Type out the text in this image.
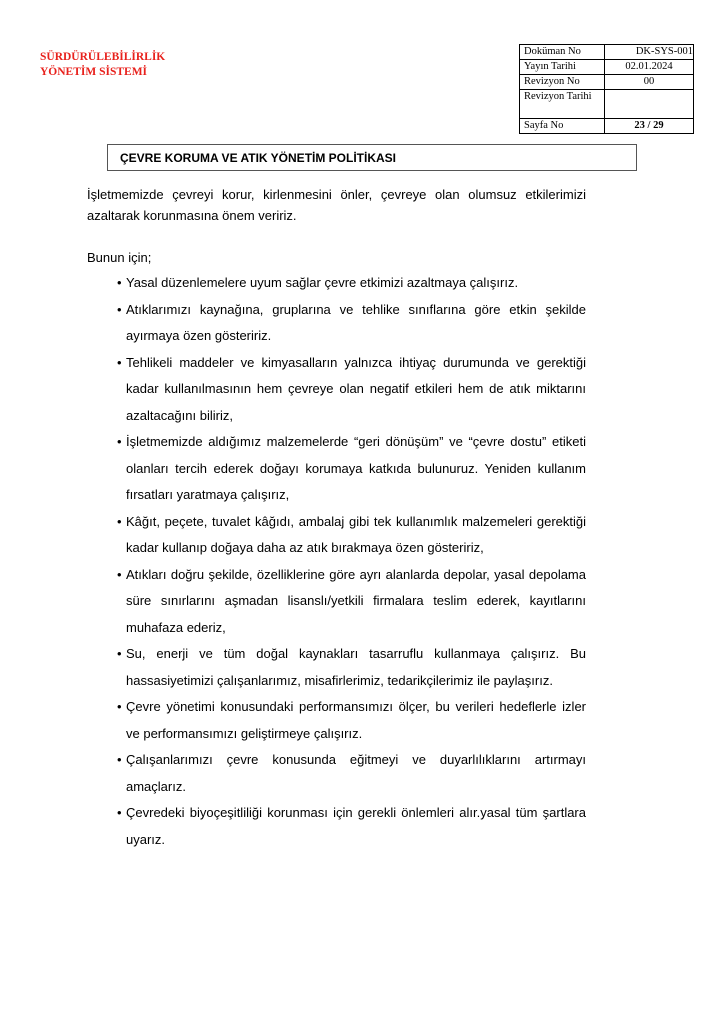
SÜRDÜRÜLEBİLİRLİK
YÖNETİM SİSTEMİ
Doküman No	DK-SYS-001
Yayın Tarihi	02.01.2024
Revizyon No	00
Revizyon Tarihi	
Sayfa No	23 / 29
ÇEVRE KORUMA VE ATIK YÖNETİM POLİTİKASI

İşletmemizde çevreyi korur, kirlenmesini önler, çevreye olan olumsuz etkilerimizi azaltarak korunmasına önem veririz.

Bunun için;

• Yasal düzenlemelere uyum sağlar çevre etkimizi azaltmaya çalışırız.
• Atıklarımızı kaynağına, gruplarına ve tehlike sınıflarına göre etkin şekilde ayırmaya özen gösteririz.
• Tehlikeli maddeler ve kimyasalların yalnızca ihtiyaç durumunda ve gerektiği kadar kullanılmasının hem çevreye olan negatif etkileri hem de atık miktarını azaltacağını biliriz,
• İşletmemizde aldığımız malzemelerde “geri dönüşüm” ve “çevre dostu” etiketi olanları tercih ederek doğayı korumaya katkıda bulunuruz. Yeniden kullanım fırsatları yaratmaya çalışırız,
• Kâğıt, peçete, tuvalet kâğıdı, ambalaj gibi tek kullanımlık malzemeleri gerektiği kadar kullanıp doğaya daha az atık bırakmaya özen gösteririz,
• Atıkları doğru şekilde, özelliklerine göre ayrı alanlarda depolar, yasal depolama süre sınırlarını aşmadan lisanslı/yetkili firmalara teslim ederek, kayıtlarını muhafaza ederiz,
• Su, enerji ve tüm doğal kaynakları tasarruflu kullanmaya çalışırız. Bu hassasiyetimizi çalışanlarımız, misafirlerimiz, tedarikçilerimiz ile paylaşırız.
• Çevre yönetimi konusundaki performansımızı ölçer, bu verileri hedeflerle izler ve performansımızı geliştirmeye çalışırız.
• Çalışanlarımızı çevre konusunda eğitmeyi ve duyarlılıklarını artırmayı amaçlarız.
• Çevredeki biyoçeşitliliği korunması için gerekli önlemleri alır.yasal tüm şartlara uyarız.
